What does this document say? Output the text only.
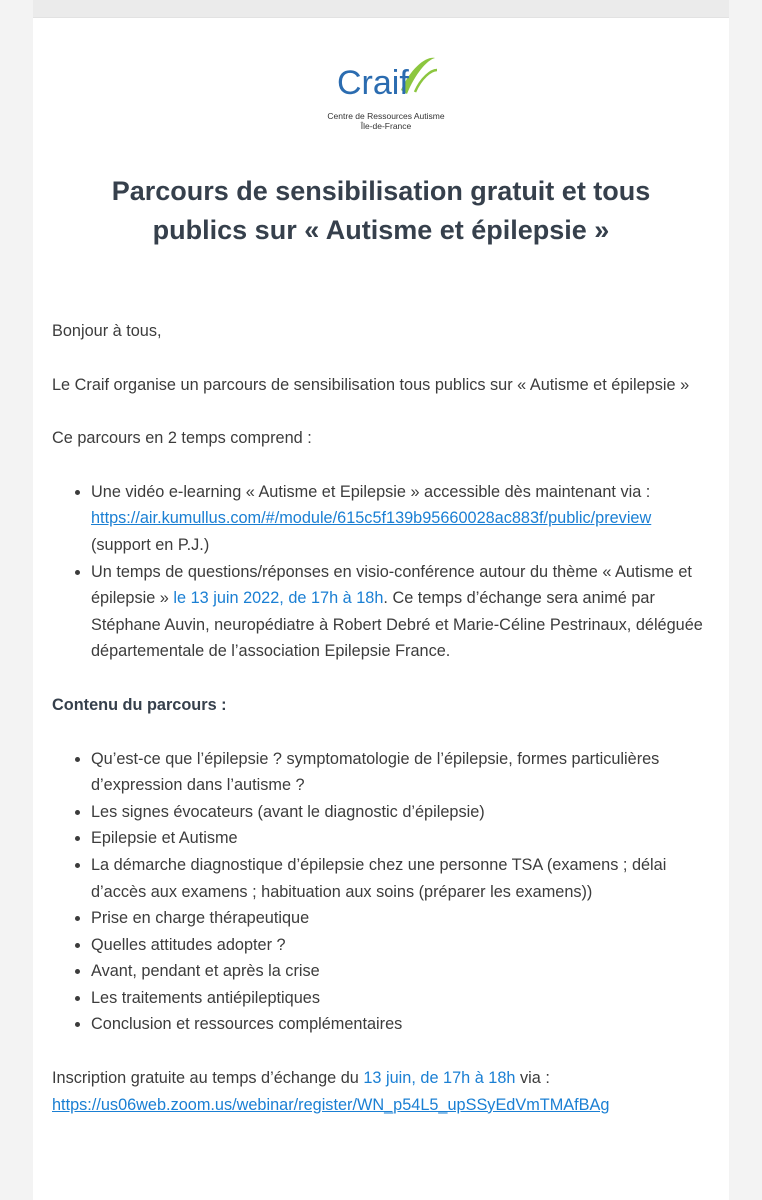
Craif
Centre de Ressources Autisme
Île-de-France
Parcours de sensibilisation gratuit et tous
publics sur « Autisme et épilepsie »

Bonjour à tous,

Le Craif organise un parcours de sensibilisation tous publics sur « Autisme et épilepsie »

Ce parcours en 2 temps comprend :

• Une vidéo e-learning « Autisme et Epilepsie » accessible dès maintenant via :
https://air.kumullus.com/#/module/615c5f139b95660028ac883f/public/preview
(support en P.J.)
• Un temps de questions/réponses en visio-conférence autour du thème « Autisme et épilepsie » le 13 juin 2022, de 17h à 18h. Ce temps d’échange sera animé par Stéphane Auvin, neuropédiatre à Robert Debré et Marie-Céline Pestrinaux, déléguée départementale de l’association Epilepsie France.

Contenu du parcours :

• Qu’est-ce que l’épilepsie ? symptomatologie de l’épilepsie, formes particulières d’expression dans l’autisme ?
• Les signes évocateurs (avant le diagnostic d’épilepsie)
• Epilepsie et Autisme
• La démarche diagnostique d’épilepsie chez une personne TSA (examens ; délai d’accès aux examens ; habituation aux soins (préparer les examens))
• Prise en charge thérapeutique
• Quelles attitudes adopter ?
• Avant, pendant et après la crise
• Les traitements antiépileptiques
• Conclusion et ressources complémentaires

Inscription gratuite au temps d’échange du 13 juin, de 17h à 18h via :
https://us06web.zoom.us/webinar/register/WN_p54L5_upSSyEdVmTMAfBAg
